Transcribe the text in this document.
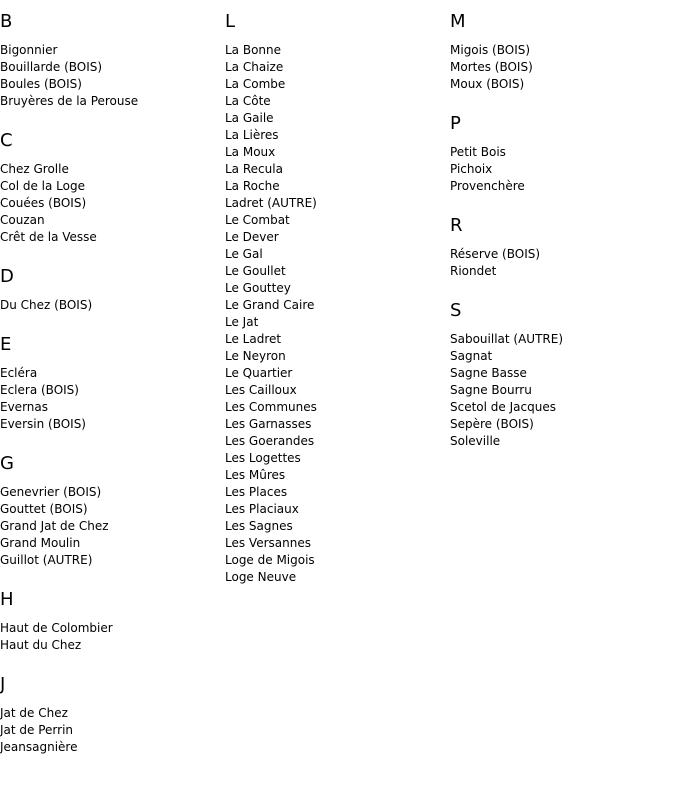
B
Bigonnier
Bouillarde (BOIS)
Boules (BOIS)
Bruyères de la Perouse
C
Chez Grolle
Col de la Loge
Couées (BOIS)
Couzan
Crêt de la Vesse
D
Du Chez (BOIS)
E
Ecléra
Eclera (BOIS)
Evernas
Eversin (BOIS)
G
Genevrier (BOIS)
Gouttet (BOIS)
Grand Jat de Chez
Grand Moulin
Guillot (AUTRE)
H
Haut de Colombier
Haut du Chez
J
Jat de Chez
Jat de Perrin
Jeansagnière
L
La Bonne
La Chaize
La Combe
La Côte
La Gaile
La Lières
La Moux
La Recula
La Roche
Ladret (AUTRE)
Le Combat
Le Dever
Le Gal
Le Goullet
Le Gouttey
Le Grand Caire
Le Jat
Le Ladret
Le Neyron
Le Quartier
Les Cailloux
Les Communes
Les Garnasses
Les Goerandes
Les Logettes
Les Mûres
Les Places
Les Placiaux
Les Sagnes
Les Versannes
Loge de Migois
Loge Neuve
M
Migois (BOIS)
Mortes (BOIS)
Moux (BOIS)
P
Petit Bois
Pichoix
Provenchère
R
Réserve (BOIS)
Riondet
S
Sabouillat (AUTRE)
Sagnat
Sagne Basse
Sagne Bourru
Scetol de Jacques
Sepère (BOIS)
Soleville
